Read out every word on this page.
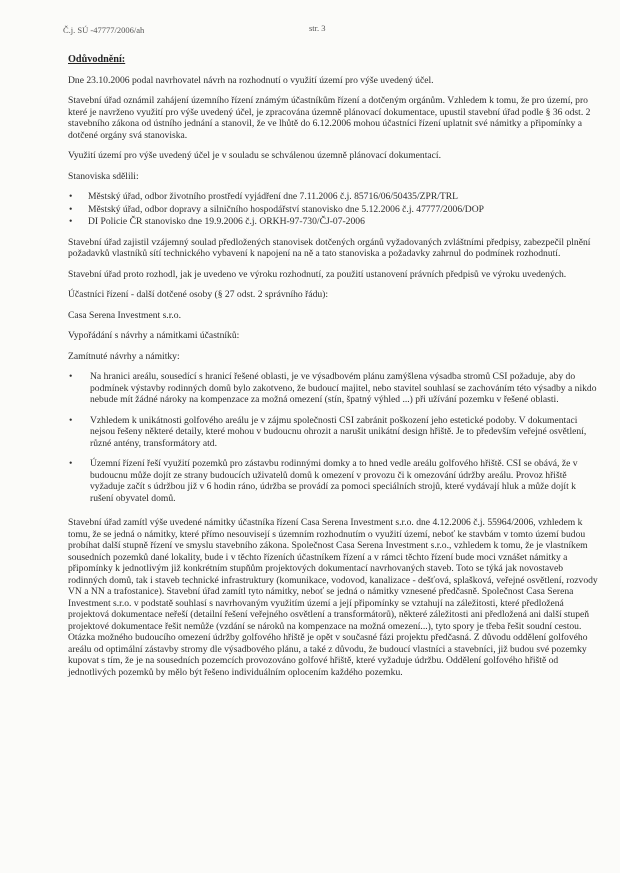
Č.j. SÚ -47777/2006/ah	str. 3

Odůvodnění:

Dne 23.10.2006 podal navrhovatel návrh na rozhodnutí o využití území pro výše uvedený účel.

Stavební úřad oznámil zahájení územního řízení známým účastníkům řízení a dotčeným orgánům. Vzhledem k tomu, že pro území, pro které je navrženo využití pro výše uvedený účel, je zpracována územně plánovací dokumentace, upustil stavební úřad podle § 36 odst. 2 stavebního zákona od ústního jednání a stanovil, že ve lhůtě do 6.12.2006 mohou účastníci řízení uplatnit své námitky a připomínky a dotčené orgány svá stanoviska.

Využití území pro výše uvedený účel je v souladu se schválenou územně plánovací dokumentací.

Stanoviska sdělili:

• Městský úřad, odbor životního prostředí vyjádření dne 7.11.2006 č.j. 85716/06/50435/ZPR/TRL
• Městský úřad, odbor dopravy a silničního hospodářství stanovisko dne 5.12.2006 č.j. 47777/2006/DOP
• DI Policie ČR stanovisko dne 19.9.2006 č.j. ORKH-97-730/ČJ-07-2006

Stavební úřad zajistil vzájemný soulad předložených stanovisek dotčených orgánů vyžadovaných zvláštními předpisy, zabezpečil plnění požadavků vlastníků sítí technického vybavení k napojení na ně a tato stanoviska a požadavky zahrnul do podmínek rozhodnutí.

Stavební úřad proto rozhodl, jak je uvedeno ve výroku rozhodnutí, za použití ustanovení právních předpisů ve výroku uvedených.

Účastníci řízení - další dotčené osoby (§ 27 odst. 2 správního řádu):

Casa Serena Investment s.r.o.

Vypořádání s návrhy a námitkami účastníků:

Zamítnuté návrhy a námitky:

• Na hranici areálu, sousedící s hranicí řešené oblasti, je ve výsadbovém plánu zamýšlena výsadba stromů CSI požaduje, aby do podmínek výstavby rodinných domů bylo zakotveno, že budoucí majitel, nebo stavitel souhlasí se zachováním této výsadby a nikdo nebude mít žádné nároky na kompenzace za možná omezení (stín, špatný výhled ...) při užívání pozemku v řešené oblasti.
• Vzhledem k unikátnosti golfového areálu je v zájmu společnosti CSI zabránit poškození jeho estetické podoby. V dokumentaci nejsou řešeny některé detaily, které mohou v budoucnu ohrozit a narušit unikátní design hřiště. Je to především veřejné osvětlení, různé antény, transformátory atd.
• Územní řízení řeší využití pozemků pro zástavbu rodinnými domky a to hned vedle areálu golfového hřiště. CSI se obává, že v budoucnu může dojít ze strany budoucích uživatelů domů k omezení v provozu či k omezování údržby areálu. Provoz hřiště vyžaduje začít s údržbou již v 6 hodin ráno, údržba se provádí za pomoci speciálních strojů, které vydávají hluk a může dojít k rušení obyvatel domů.

Stavební úřad zamítl výše uvedené námitky účastníka řízení Casa Serena Investment s.r.o. dne 4.12.2006 č.j. 55964/2006, vzhledem k tomu, že se jedná o námitky, které přímo nesouvisejí s územním rozhodnutím o využití území, neboť ke stavbám v tomto území budou probíhat další stupně řízení ve smyslu stavebního zákona. Společnost Casa Serena Investment s.r.o., vzhledem k tomu, že je vlastníkem sousedních pozemků dané lokality, bude i v těchto řízeních účastníkem řízení a v rámci těchto řízení bude moci vznášet námitky a připomínky k jednotlivým již konkrétním stupňům projektových dokumentací navrhovaných staveb. Toto se týká jak novostaveb rodinných domů, tak i staveb technické infrastruktury (komunikace, vodovod, kanalizace - dešťová, splašková, veřejné osvětlení, rozvody VN a NN a trafostanice). Stavební úřad zamítl tyto námitky, neboť se jedná o námitky vznesené předčasně. Společnost Casa Serena Investment s.r.o. v podstatě souhlasí s navrhovaným využitím území a její připomínky se vztahují na záležitosti, které předložená projektová dokumentace neřeší (detailní řešení veřejného osvětlení a transformátorů), některé záležitosti ani předložená ani další stupeň projektové dokumentace řešit nemůže (vzdání se nároků na kompenzace na možná omezení...), tyto spory je třeba řešit soudní cestou. Otázka možného budoucího omezení údržby golfového hřiště je opět v současné fázi projektu předčasná. Z důvodu oddělení golfového areálu od optimální zástavby stromy dle výsadbového plánu, a také z důvodu, že budoucí vlastníci a stavebníci, již budou své pozemky kupovat s tím, že je na sousedních pozemcích provozováno golfové hřiště, které vyžaduje údržbu. Oddělení golfového hřiště od jednotlivých pozemků by mělo být řešeno individuálním oplocením každého pozemku.
